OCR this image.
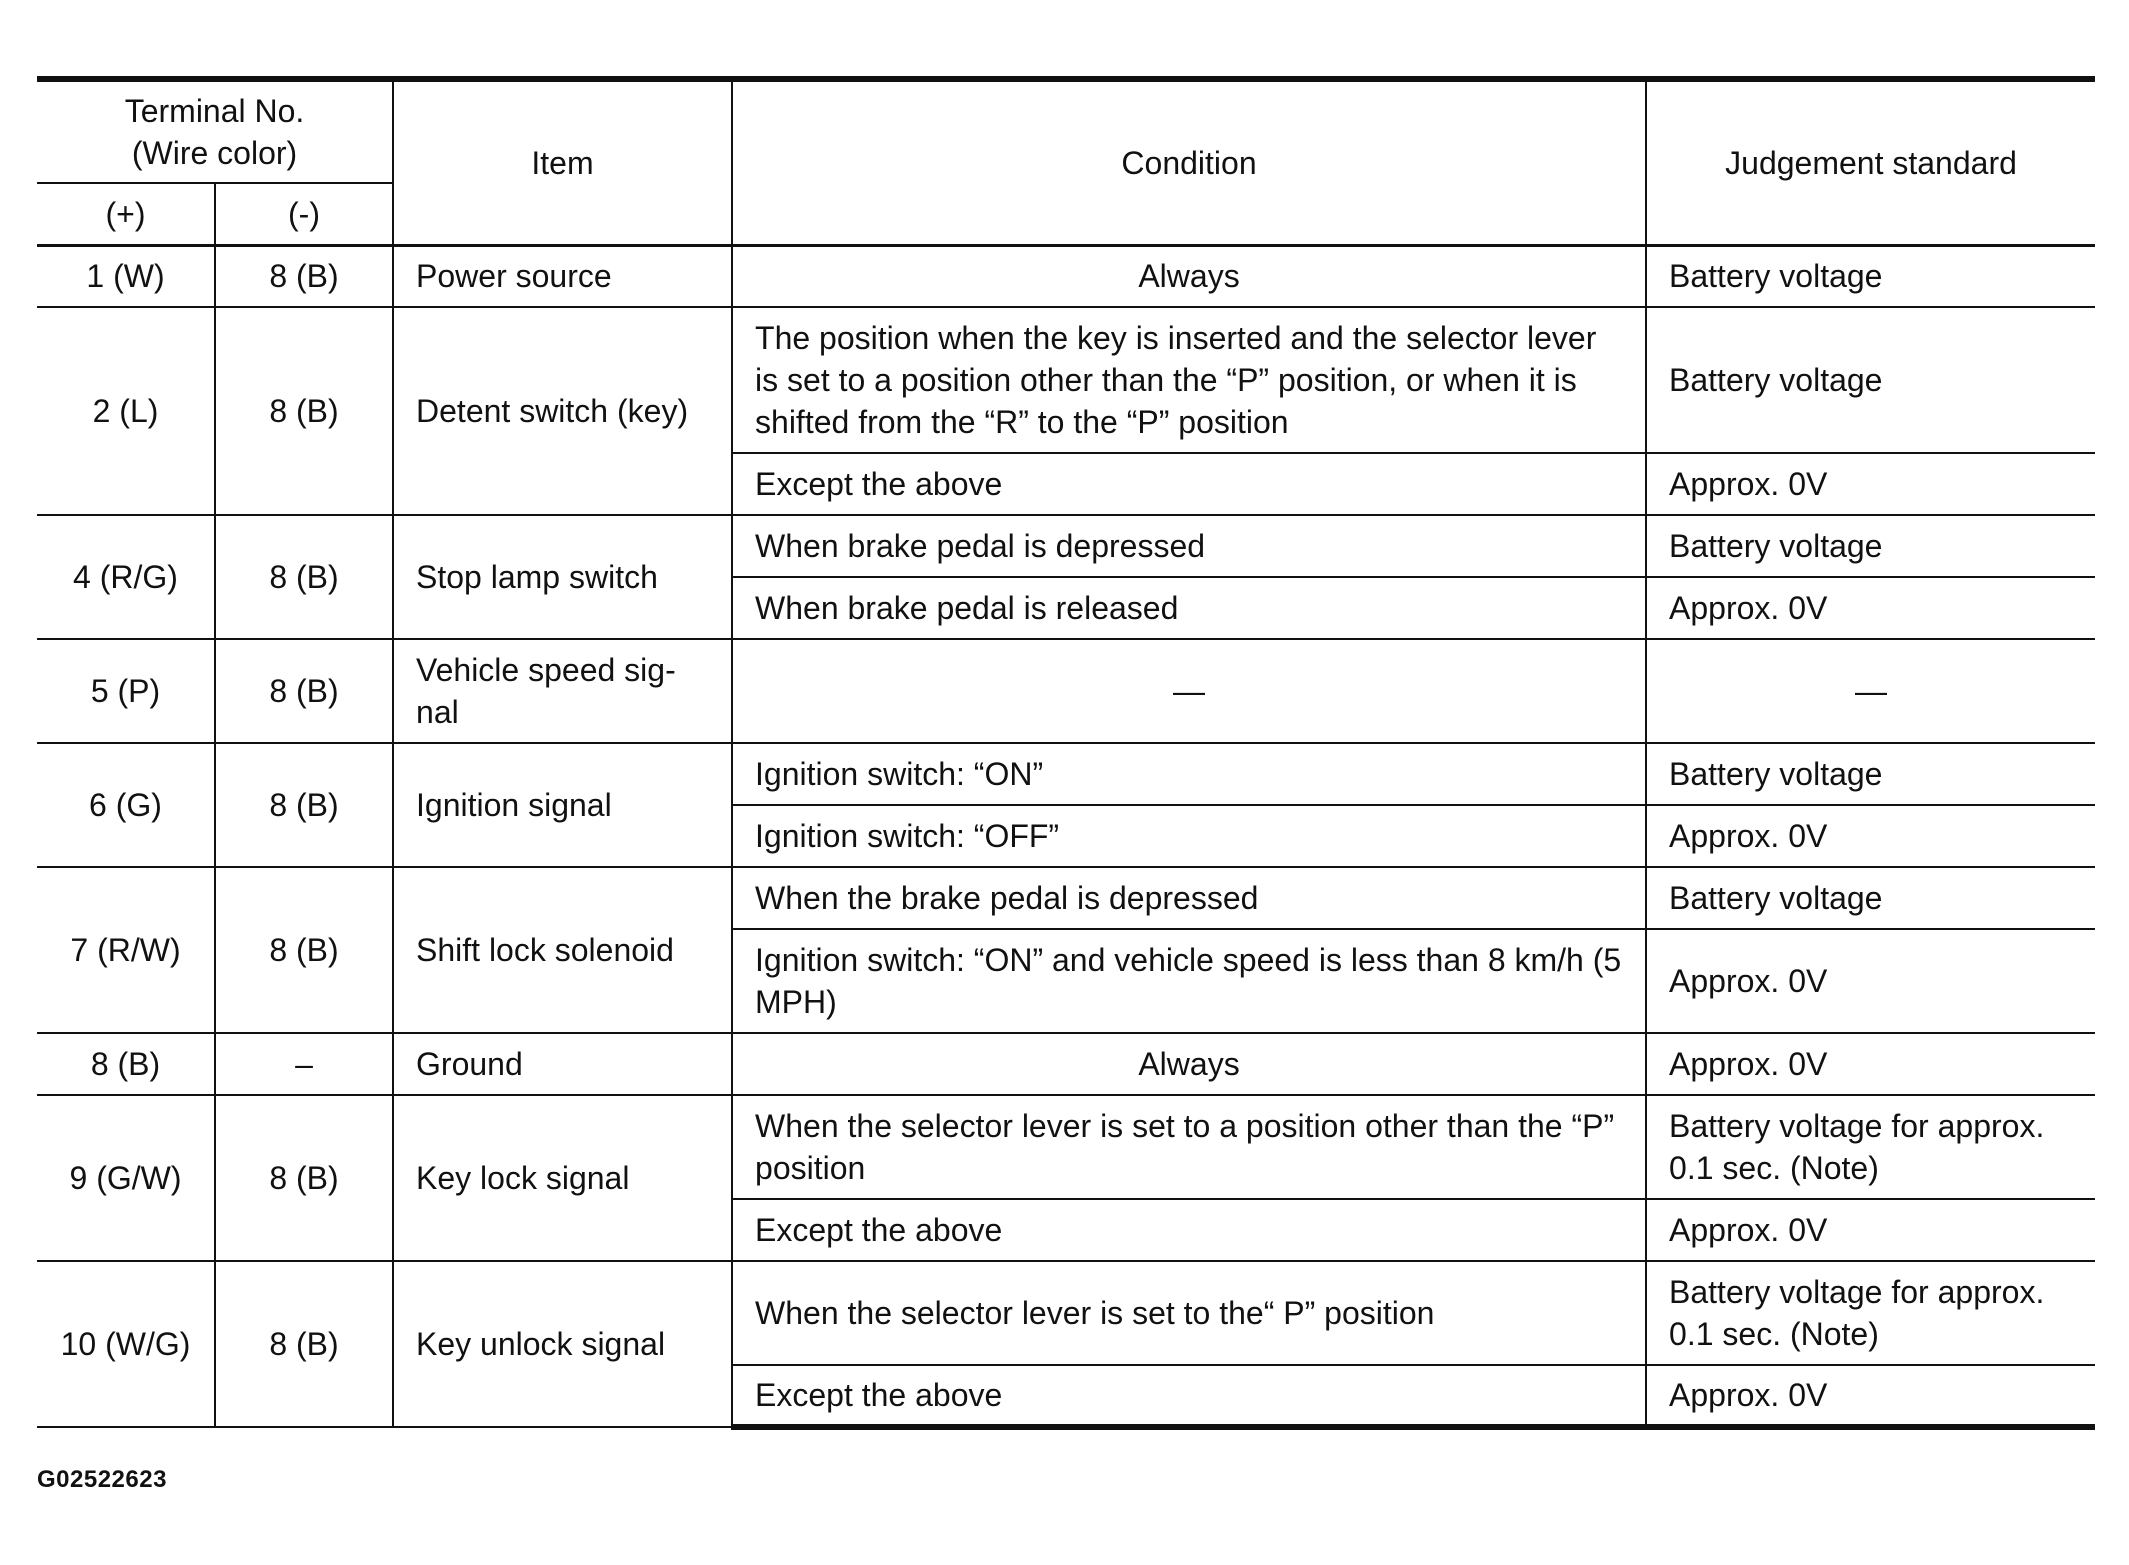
Terminal No.
(Wire color)		Item	Condition	Judgement standard
(+)	(-)			
1 (W)	8 (B)	Power source	Always	Battery voltage
2 (L)	8 (B)	Detent switch (key)	The position when the key is inserted and the selector lever is set to a position other than the “P” position, or when it is shifted from the “R” to the “P” position	Battery voltage
			Except the above	Approx. 0V
4 (R/G)	8 (B)	Stop lamp switch	When brake pedal is depressed	Battery voltage
			When brake pedal is released	Approx. 0V
5 (P)	8 (B)	Vehicle speed sig-nal	—	—
6 (G)	8 (B)	Ignition signal	Ignition switch: “ON”	Battery voltage
			Ignition switch: “OFF”	Approx. 0V
7 (R/W)	8 (B)	Shift lock solenoid	When the brake pedal is depressed	Battery voltage
			Ignition switch: “ON” and vehicle speed is less than 8 km/h (5 MPH)	Approx. 0V
8 (B)	–	Ground	Always	Approx. 0V
9 (G/W)	8 (B)	Key lock signal	When the selector lever is set to a position other than the “P” position	Battery voltage for approx. 0.1 sec. (Note)
			Except the above	Approx. 0V
10 (W/G)	8 (B)	Key unlock signal	When the selector lever is set to the“ P” position	Battery voltage for approx. 0.1 sec. (Note)
			Except the above	Approx. 0V
G02522623
